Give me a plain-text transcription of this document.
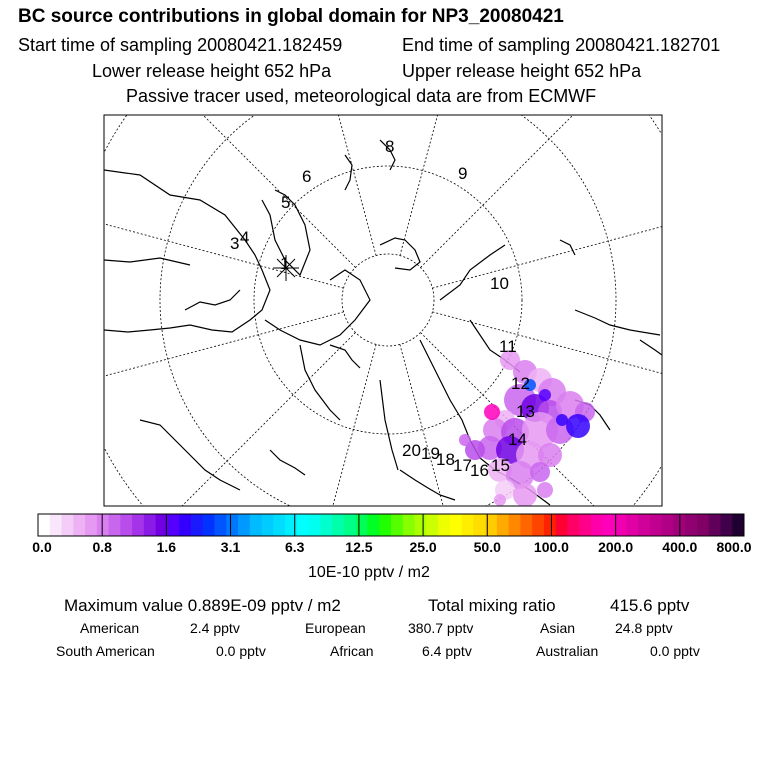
BC source contributions in global domain for NP3_20080421
Start time of sampling 20080421.182459	End time of sampling 20080421.182701
Lower release height 652 hPa	Upper release height 652 hPa
Passive tracer used, meteorological data are from ECMWF
1
3 4
5
6
8
9
10
11
12
13
14
15
16
17
18
19
20
0.0	0.8	1.6	3.1	6.3	12.5	25.0	50.0 100.0 200.0 400.0 800.0
10E-10 pptv / m2
Maximum value 0.889E-09 pptv / m2	Total mixing ratio	415.6 pptv
American	2.4 pptv	European	380.7 pptv	Asian	24.8 pptv
South American	0.0 pptv	African	6.4 pptv	Australian	0.0 pptv
